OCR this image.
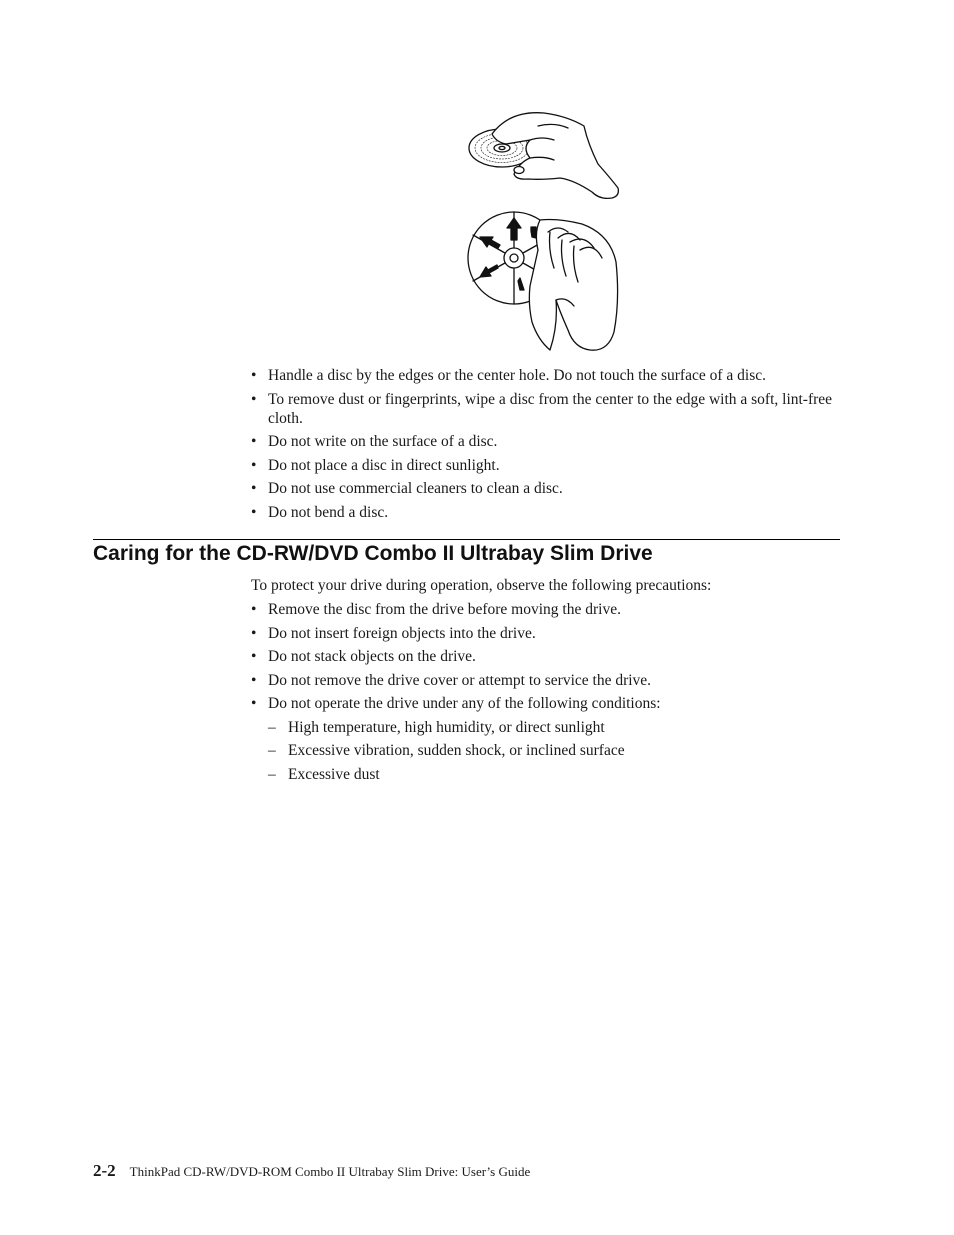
• Handle a disc by the edges or the center hole. Do not touch the surface of a disc.
• To remove dust or fingerprints, wipe a disc from the center to the edge with a soft, lint-free cloth.
• Do not write on the surface of a disc.
• Do not place a disc in direct sunlight.
• Do not use commercial cleaners to clean a disc.
• Do not bend a disc.
Caring for the CD-RW/DVD Combo II Ultrabay Slim Drive

To protect your drive during operation, observe the following precautions:

• Remove the disc from the drive before moving the drive.
• Do not insert foreign objects into the drive.
• Do not stack objects on the drive.
• Do not remove the drive cover or attempt to service the drive.
• Do not operate the drive under any of the following conditions:
– High temperature, high humidity, or direct sunlight
– Excessive vibration, sudden shock, or inclined surface
– Excessive dust
2-2 ThinkPad CD-RW/DVD-ROM Combo II Ultrabay Slim Drive: User’s Guide
